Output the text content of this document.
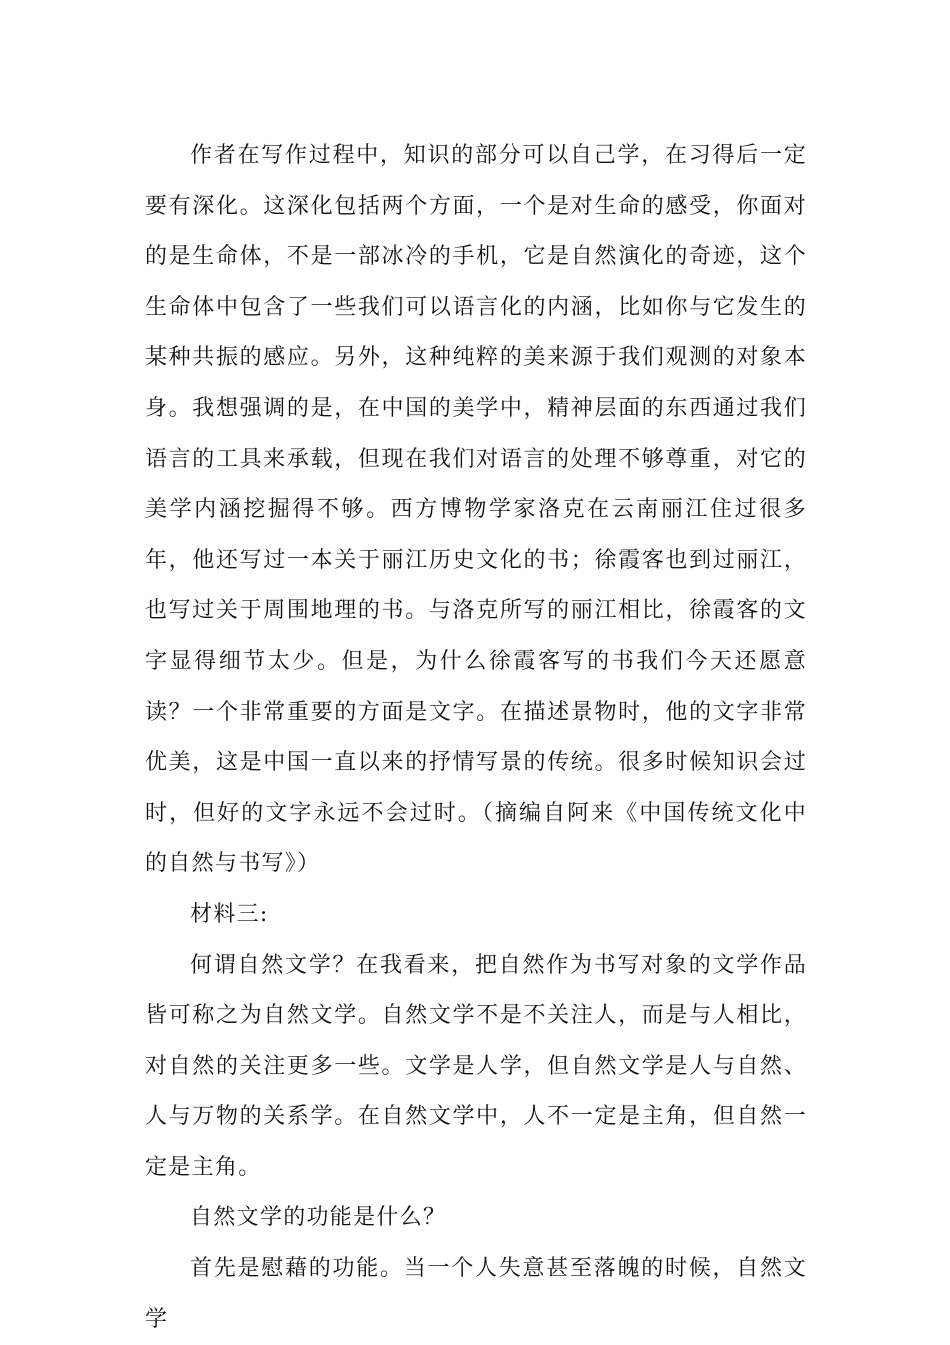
作者在写作过程中，知识的部分可以自己学，在习得后一定要有深化。这深化包括两个方面，一个是对生命的感受，你面对的是生命体，不是一部冰冷的手机，它是自然演化的奇迹，这个生命体中包含了一些我们可以语言化的内涵，比如你与它发生的某种共振的感应。另外，这种纯粹的美来源于我们观测的对象本身。我想强调的是，在中国的美学中，精神层面的东西通过我们语言的工具来承载，但现在我们对语言的处理不够尊重，对它的美学内涵挖掘得不够。西方博物学家洛克在云南丽江住过很多年，他还写过一本关于丽江历史文化的书；徐霞客也到过丽江，也写过关于周围地理的书。与洛克所写的丽江相比，徐霞客的文字显得细节太少。但是，为什么徐霞客写的书我们今天还愿意读？一个非常重要的方面是文字。在描述景物时，他的文字非常优美，这是中国一直以来的抒情写景的传统。很多时候知识会过时，但好的文字永远不会过时。（摘编自阿来《中国传统文化中的自然与书写》）

材料三:

何谓自然文学？在我看来，把自然作为书写对象的文学作品皆可称之为自然文学。自然文学不是不关注人，而是与人相比，对自然的关注更多一些。文学是人学，但自然文学是人与自然、人与万物的关系学。在自然文学中，人不一定是主角，但自然一定是主角。

自然文学的功能是什么？

首先是慰藉的功能。当一个人失意甚至落魄的时候，自然文学
